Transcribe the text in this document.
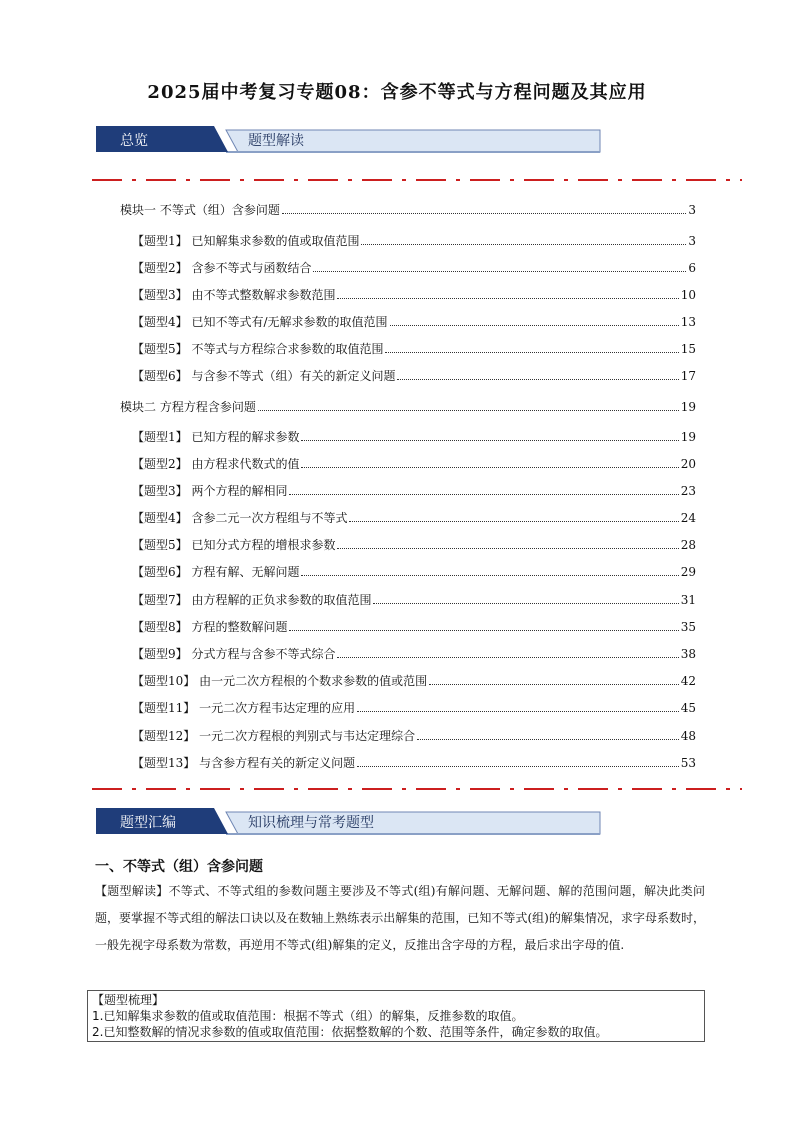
2025届中考复习专题08：含参不等式与方程问题及其应用
总览	题型解读
模块一 不等式（组）含参问题	3
【题型1】 已知解集求参数的值或取值范围	3
【题型2】 含参不等式与函数结合	6
【题型3】 由不等式整数解求参数范围	10
【题型4】 已知不等式有/无解求参数的取值范围	13
【题型5】 不等式与方程综合求参数的取值范围	15
【题型6】 与含参不等式（组）有关的新定义问题	17
模块二 方程方程含参问题	19
【题型1】 已知方程的解求参数	19
【题型2】 由方程求代数式的值	20
【题型3】 两个方程的解相同	23
【题型4】 含参二元一次方程组与不等式	24
【题型5】 已知分式方程的增根求参数	28
【题型6】 方程有解、无解问题	29
【题型7】 由方程解的正负求参数的取值范围	31
【题型8】 方程的整数解问题	35
【题型9】 分式方程与含参不等式综合	38
【题型10】 由一元二次方程根的个数求参数的值或范围	42
【题型11】 一元二次方程韦达定理的应用	45
【题型12】 一元二次方程根的判别式与韦达定理综合	48
【题型13】 与含参方程有关的新定义问题	53
题型汇编	知识梳理与常考题型
一、不等式（组）含参问题
【题型解读】不等式、不等式组的参数问题主要涉及不等式(组)有解问题、无解问题、解的范围问题，解决此类问题，要掌握不等式组的解法口诀以及在数轴上熟练表示出解集的范围，已知不等式(组)的解集情况，求字母系数时，一般先视字母系数为常数，再逆用不等式(组)解集的定义，反推出含字母的方程，最后求出字母的值.
【题型梳理】
1.已知解集求参数的值或取值范围：根据不等式（组）的解集，反推参数的取值。
2.已知整数解的情况求参数的值或取值范围：依据整数解的个数、范围等条件，确定参数的取值。
